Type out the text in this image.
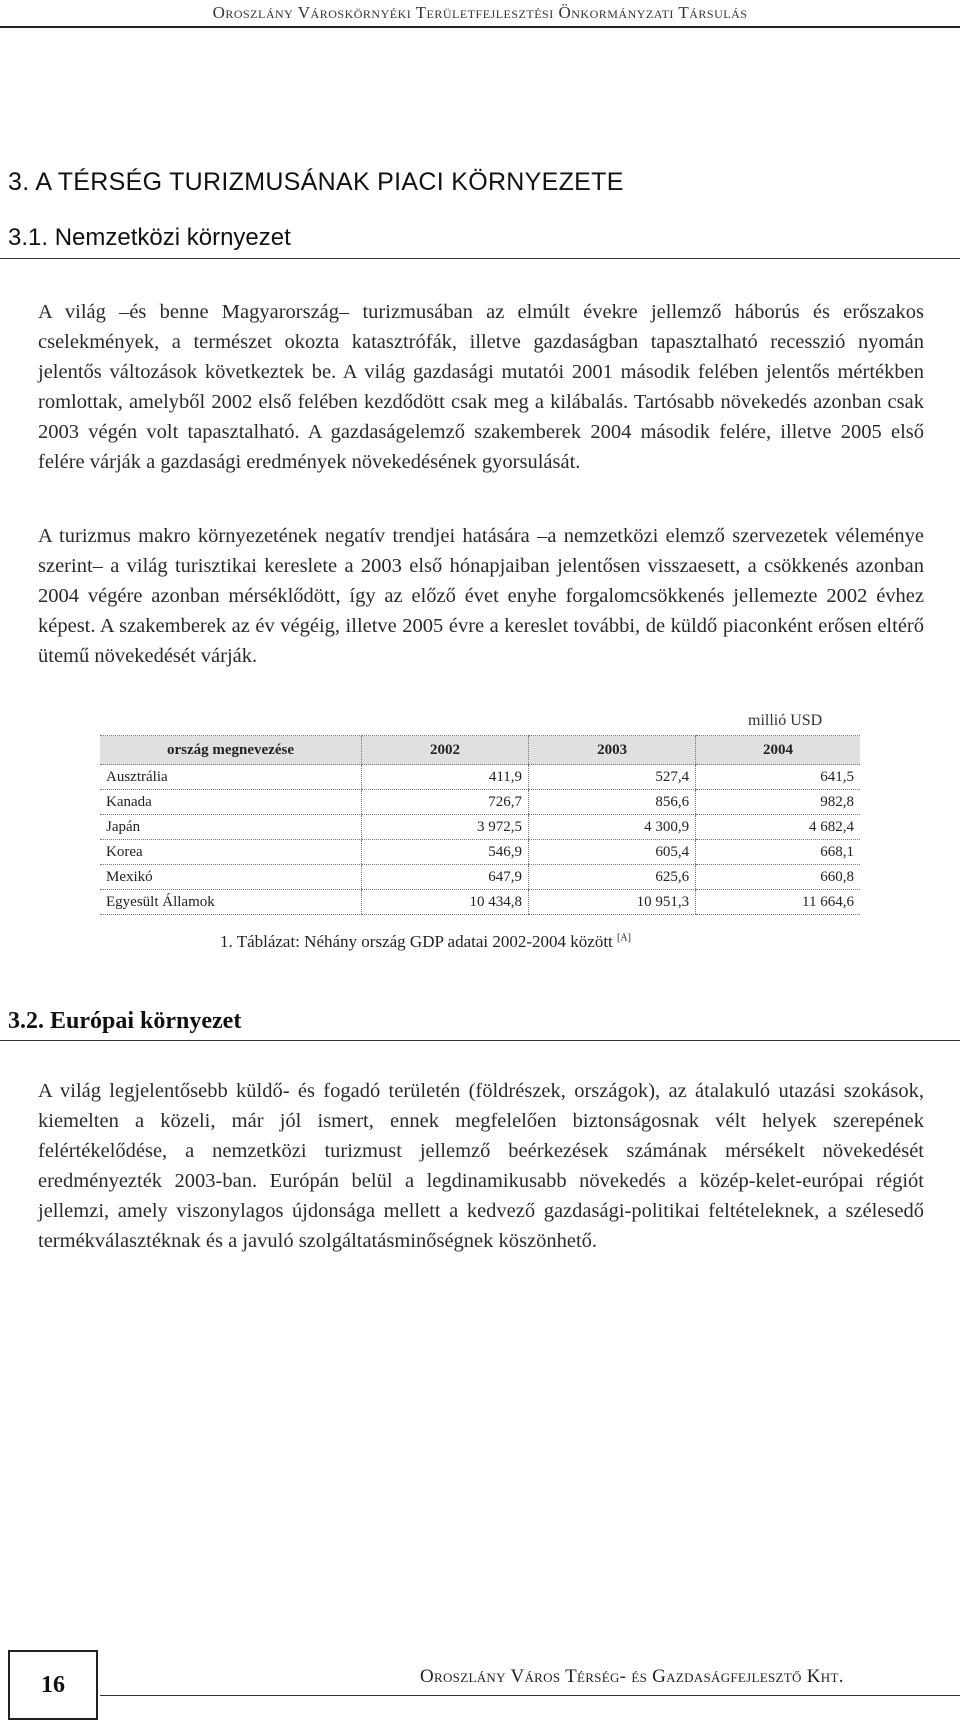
Oroszlány Városkörnyéki Területfejlesztési Önkormányzati Társulás
3. A TÉRSÉG TURIZMUSÁNAK PIACI KÖRNYEZETE
3.1. Nemzetközi környezet

A világ –és benne Magyarország– turizmusában az elmúlt évekre jellemző háborús és erőszakos cselekmények, a természet okozta katasztrófák, illetve gazdaságban tapasztalható recesszió nyomán jelentős változások következtek be. A világ gazdasági mutatói 2001 második felében jelentős mértékben romlottak, amelyből 2002 első felében kezdődött csak meg a kilábalás. Tartósabb növekedés azonban csak 2003 végén volt tapasztalható. A gazdaságelemző szakemberek 2004 második felére, illetve 2005 első felére várják a gazdasági eredmények növekedésének gyorsulását.

A turizmus makro környezetének negatív trendjei hatására –a nemzetközi elemző szervezetek véleménye szerint– a világ turisztikai kereslete a 2003 első hónapjaiban jelentősen visszaesett, a csökkenés azonban 2004 végére azonban mérséklődött, így az előző évet enyhe forgalomcsökkenés jellemezte 2002 évhez képest. A szakemberek az év végéig, illetve 2005 évre a kereslet további, de küldő piaconként erősen eltérő ütemű növekedését várják.

millió USD
ország megnevezése	2002	2003	2004
Ausztrália	411,9	527,4	641,5
Kanada	726,7	856,6	982,8
Japán	3 972,5	4 300,9	4 682,4
Korea	546,9	605,4	668,1
Mexikó	647,9	625,6	660,8
Egyesült Államok	10 434,8	10 951,3	11 664,6
1. Táblázat: Néhány ország GDP adatai 2002-2004 között [A]
3.2. Európai környezet

A világ legjelentősebb küldő- és fogadó területén (földrészek, országok), az átalakuló utazási szokások, kiemelten a közeli, már jól ismert, ennek megfelelően biztonságosnak vélt helyek szerepének felértékelődése, a nemzetközi turizmust jellemző beérkezések számának mérsékelt növekedését eredményezték 2003-ban. Európán belül a legdinamikusabb növekedés a közép-kelet-európai régiót jellemzi, amely viszonylagos újdonsága mellett a kedvező gazdasági-politikai feltételeknek, a szélesedő termékválasztéknak és a javuló szolgáltatásminőségnek köszönhető.

16	Oroszlány Város Térség- és Gazdaságfejlesztő Kht.
